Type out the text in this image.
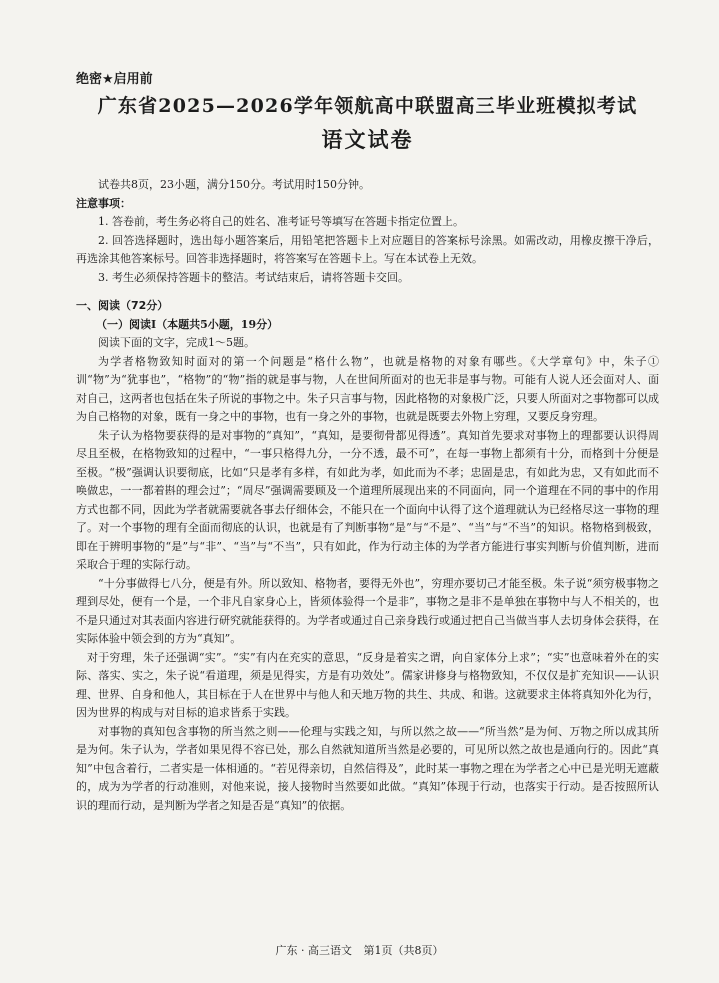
绝密★启用前
广东省2025—2026学年领航高中联盟高三毕业班模拟考试
语文试卷

试卷共8页，23小题，满分150分。考试用时150分钟。

注意事项：

1. 答卷前，考生务必将自己的姓名、准考证号等填写在答题卡指定位置上。

2. 回答选择题时，选出每小题答案后，用铅笔把答题卡上对应题目的答案标号涂黑。如需改动，用橡皮擦干净后，再选涂其他答案标号。回答非选择题时，将答案写在答题卡上。写在本试卷上无效。

3. 考生必须保持答题卡的整洁。考试结束后，请将答题卡交回。

一、阅读（72分）

（一）阅读Ⅰ（本题共5小题，19分）

阅读下面的文字，完成1～5题。

为学者格物致知时面对的第一个问题是“格什么物”，也就是格物的对象有哪些。《大学章句》中，朱子①训“物”为“犹事也”，“格物”的“物”指的就是事与物，人在世间所面对的也无非是事与物。可能有人说人还会面对人、面对自己，这两者也包括在朱子所说的事物之中。朱子只言事与物，因此格物的对象极广泛，只要人所面对之事物都可以成为自己格物的对象，既有一身之中的事物，也有一身之外的事物，也就是既要去外物上穷理，又要反身穷理。

朱子认为格物要获得的是对事物的“真知”，“真知，是要彻骨都见得透”。真知首先要求对事物上的理都要认识得周尽且至极，在格物致知的过程中，“一事只格得九分，一分不透，最不可”，在每一事物上都须有十分，而格到十分便是至极。“极”强调认识要彻底，比如“只是孝有多样，有如此为孝，如此而为不孝；忠固是忠，有如此为忠，又有如此而不唤做忠，一一都着斟的理会过”；“周尽”强调需要顾及一个道理所展现出来的不同面向，同一个道理在不同的事中的作用方式也都不同，因此为学者就需要就各事去仔细体会，不能只在一个面向中认得了这个道理就认为已经格尽这一事物的理了。对一个事物的理有全面而彻底的认识，也就是有了判断事物“是”与“不是”、“当”与“不当”的知识。格物格到极致，即在于辨明事物的“是”与“非”、“当”与“不当”，只有如此，作为行动主体的为学者方能进行事实判断与价值判断，进而采取合于理的实际行动。

“十分事做得七八分，便是有外。所以致知、格物者，要得无外也”，穷理亦要切己才能至极。朱子说“须穷极事物之理到尽处，便有一个是，一个非凡自家身心上，皆须体验得一个是非”，事物之是非不是单独在事物中与人不相关的，也不是只通过对其表面内容进行研究就能获得的。为学者或通过自己亲身践行或通过把自己当做当事人去切身体会获得，在实际体验中领会到的方为“真知”。

对于穷理，朱子还强调“实”。“实”有内在充实的意思，“反身是着实之谓，向自家体分上求”；“实”也意味着外在的实际、落实、实之，朱子说“看道理，须是见得实，方是有功效处”。儒家讲修身与格物致知，不仅仅是扩充知识——认识理、世界、自身和他人，其目标在于人在世界中与他人和天地万物的共生、共成、和谐。这就要求主体将真知外化为行，因为世界的构成与对目标的追求皆系于实践。

对事物的真知包含事物的所当然之则——伦理与实践之知，与所以然之故——“所当然”是为何、万物之所以成其所是为何。朱子认为，学者如果见得不容已处，那么自然就知道所当然是必要的，可见所以然之故也是通向行的。因此“真知”中包含着行，二者实是一体相通的。“若见得亲切，自然信得及”，此时某一事物之理在为学者之心中已是光明无遮蔽的，成为为学者的行动准则，对他来说，接人接物时当然要如此做。“真知”体现于行动，也落实于行动。是否按照所认识的理而行动，是判断为学者之知是否是“真知”的依据。

广东 · 高三语文 第1页（共8页）
